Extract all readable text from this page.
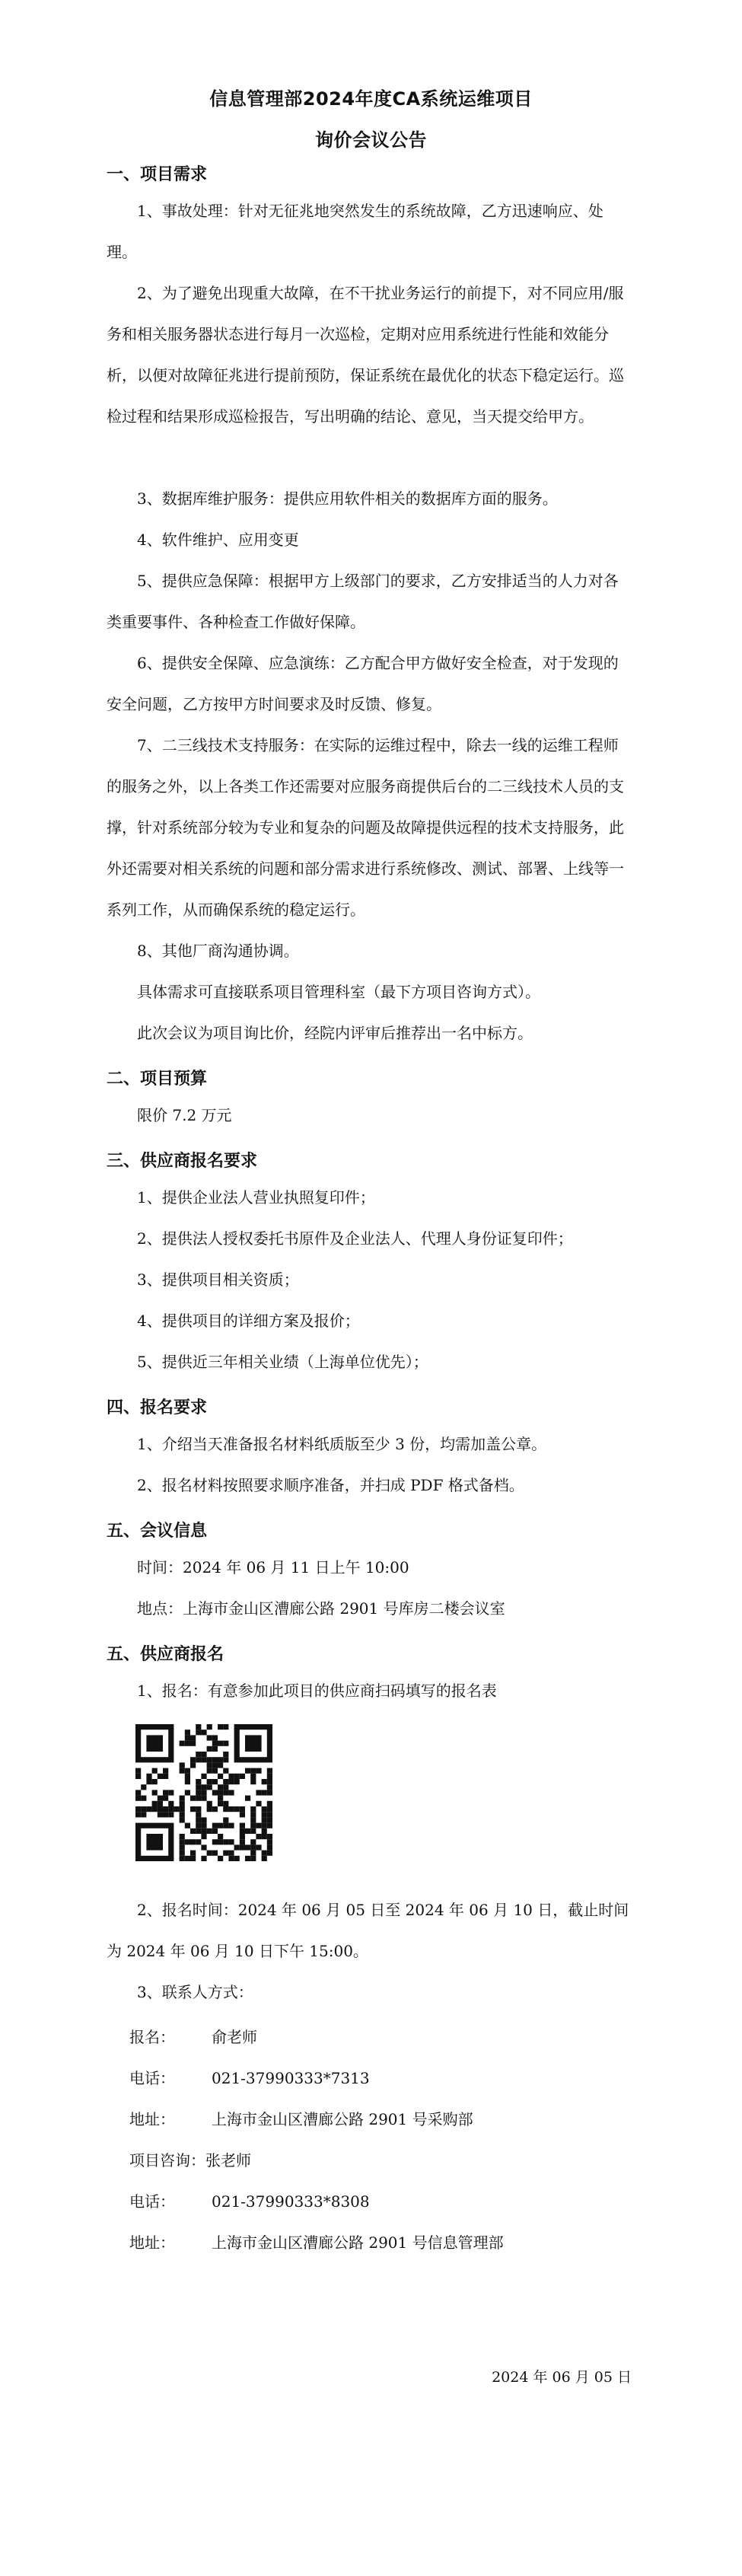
信息管理部2024年度CA系统运维项目
询价会议公告
一、项目需求

1、事故处理：针对无征兆地突然发生的系统故障，乙方迅速响应、处理。

2、为了避免出现重大故障，在不干扰业务运行的前提下，对不同应用/服务和相关服务器状态进行每月一次巡检，定期对应用系统进行性能和效能分析，以便对故障征兆进行提前预防，保证系统在最优化的状态下稳定运行。巡检过程和结果形成巡检报告，写出明确的结论、意见，当天提交给甲方。

3、数据库维护服务：提供应用软件相关的数据库方面的服务。

4、软件维护、应用变更

5、提供应急保障：根据甲方上级部门的要求，乙方安排适当的人力对各类重要事件、各种检查工作做好保障。

6、提供安全保障、应急演练：乙方配合甲方做好安全检查，对于发现的安全问题，乙方按甲方时间要求及时反馈、修复。

7、二三线技术支持服务：在实际的运维过程中，除去一线的运维工程师的服务之外，以上各类工作还需要对应服务商提供后台的二三线技术人员的支撑，针对系统部分较为专业和复杂的问题及故障提供远程的技术支持服务，此外还需要对相关系统的问题和部分需求进行系统修改、测试、部署、上线等一系列工作，从而确保系统的稳定运行。

8、其他厂商沟通协调。

具体需求可直接联系项目管理科室（最下方项目咨询方式）。

此次会议为项目询比价，经院内评审后推荐出一名中标方。

二、项目预算

限价 7.2 万元

三、供应商报名要求

1、提供企业法人营业执照复印件；

2、提供法人授权委托书原件及企业法人、代理人身份证复印件；

3、提供项目相关资质；

4、提供项目的详细方案及报价；

5、提供近三年相关业绩（上海单位优先）；

四、报名要求

1、介绍当天准备报名材料纸质版至少 3 份，均需加盖公章。

2、报名材料按照要求顺序准备，并扫成 PDF 格式备档。

五、会议信息

时间：2024 年 06 月 11 日上午 10:00

地点：上海市金山区漕廊公路 2901 号库房二楼会议室

五、供应商报名

1、报名：有意参加此项目的供应商扫码填写的报名表

2、报名时间：2024 年 06 月 05 日至 2024 年 06 月 10 日，截止时间为 2024 年 06 月 10 日下午 15:00。

3、联系人方式：

报名： 俞老师
电话： 021-37990333*7313
地址： 上海市金山区漕廊公路 2901 号采购部
项目咨询：张老师
电话： 021-37990333*8308
地址： 上海市金山区漕廊公路 2901 号信息管理部
2024 年 06 月 05 日
